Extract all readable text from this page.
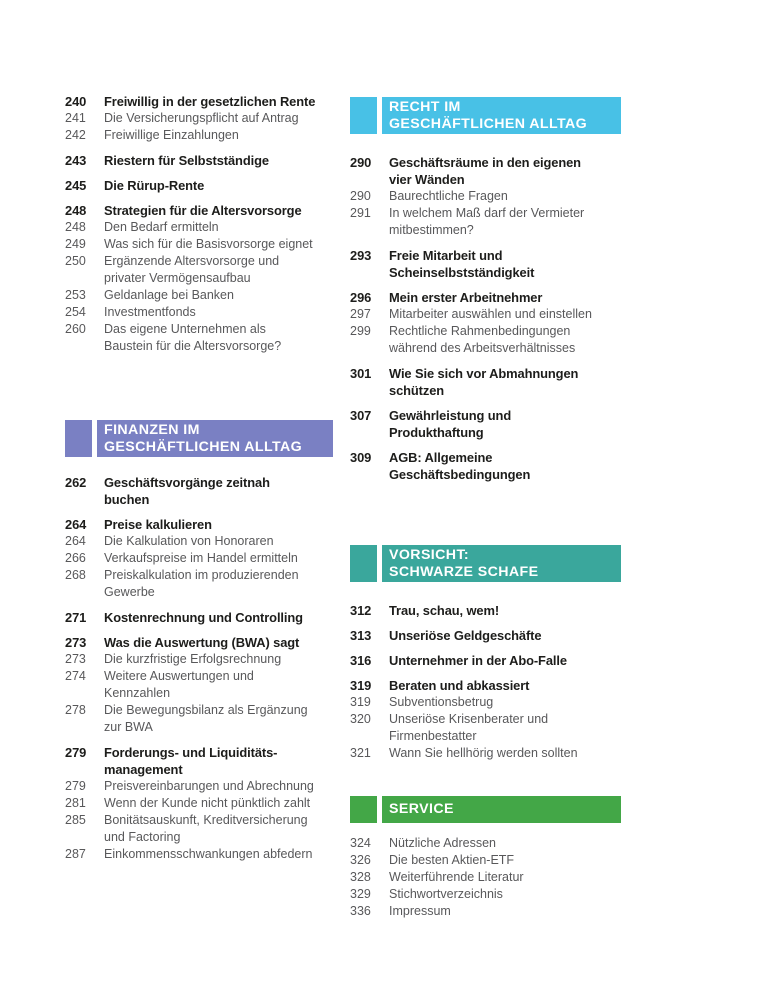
240	Freiwillig in der gesetzlichen Rente
241	Die Versicherungspflicht auf Antrag
242	Freiwillige Einzahlungen
243	Riestern für Selbstständige
245	Die Rürup-Rente
248	Strategien für die Altersvorsorge
248	Den Bedarf ermitteln
249	Was sich für die Basisvorsorge eignet
250	Ergänzende Altersvorsorge und
privater Vermögensaufbau
253	Geldanlage bei Banken
254	Investmentfonds
260	Das eigene Unternehmen als
Baustein für die Altersvorsorge?
FINANZEN IM
GESCHÄFTLICHEN ALLTAG
262	Geschäftsvorgänge zeitnah
buchen
264	Preise kalkulieren
264	Die Kalkulation von Honoraren
266	Verkaufspreise im Handel ermitteln
268	Preiskalkulation im produzierenden
Gewerbe
271	Kostenrechnung und Controlling
273	Was die Auswertung (BWA) sagt
273	Die kurzfristige Erfolgsrechnung
274	Weitere Auswertungen und
Kennzahlen
278	Die Bewegungsbilanz als Ergänzung
zur BWA
279	Forderungs- und Liquiditäts-
management
279	Preisvereinbarungen und Abrechnung
281	Wenn der Kunde nicht pünktlich zahlt
285	Bonitätsauskunft, Kreditversicherung
und Factoring
287	Einkommensschwankungen abfedern
RECHT IM
GESCHÄFTLICHEN ALLTAG
290	Geschäftsräume in den eigenen
vier Wänden
290	Baurechtliche Fragen
291	In welchem Maß darf der Vermieter
mitbestimmen?
293	Freie Mitarbeit und
Scheinselbstständigkeit
296	Mein erster Arbeitnehmer
297	Mitarbeiter auswählen und einstellen
299	Rechtliche Rahmenbedingungen
während des Arbeitsverhältnisses
301	Wie Sie sich vor Abmahnungen
schützen
307	Gewährleistung und
Produkthaftung
309	AGB: Allgemeine
Geschäftsbedingungen
VORSICHT:
SCHWARZE SCHAFE
312	Trau, schau, wem!
313	Unseriöse Geldgeschäfte
316	Unternehmer in der Abo-Falle
319	Beraten und abkassiert
319	Subventionsbetrug
320	Unseriöse Krisenberater und
Firmenbestatter
321	Wann Sie hellhörig werden sollten
SERVICE
324	Nützliche Adressen
326	Die besten Aktien-ETF
328	Weiterführende Literatur
329	Stichwortverzeichnis
336	Impressum
